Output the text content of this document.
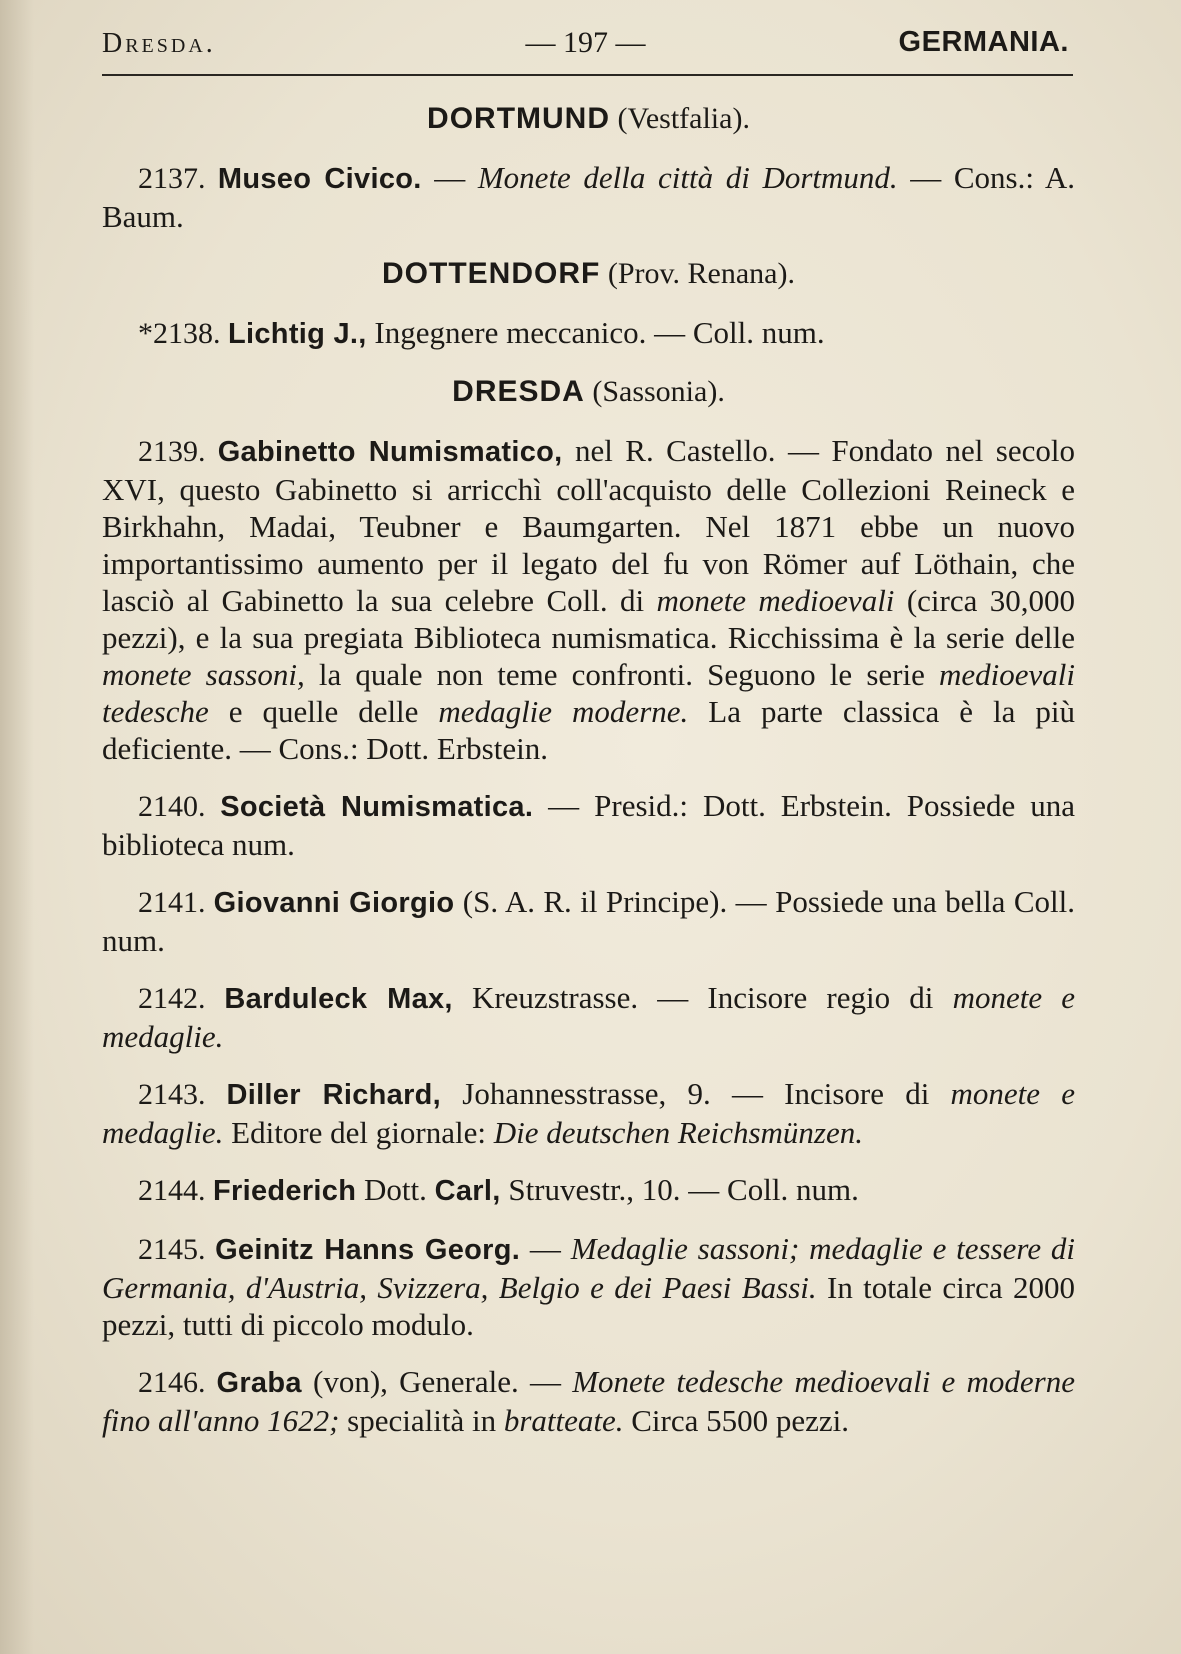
Dresda.	— 197 —	GERMANIA.
DORTMUND (Vestfalia).
2137. Museo Civico. — Monete della città di Dortmund. — Cons.: A. Baum.
DOTTENDORF (Prov. Renana).
*2138. Lichtig J., Ingegnere meccanico. — Coll. num.
DRESDA (Sassonia).
2139. Gabinetto Numismatico, nel R. Castello. — Fondato nel secolo XVI, questo Gabinetto si arricchì coll'acquisto delle Collezioni Reineck e Birkhahn, Madai, Teubner e Baumgarten. Nel 1871 ebbe un nuovo importantissimo aumento per il legato del fu von Römer auf Löthain, che lasciò al Gabinetto la sua celebre Coll. di monete medioevali (circa 30,000 pezzi), e la sua pregiata Biblioteca numismatica. Ricchissima è la serie delle monete sassoni, la quale non teme confronti. Seguono le serie medioevali tedesche e quelle delle medaglie moderne. La parte classica è la più deficiente. — Cons.: Dott. Erbstein.
2140. Società Numismatica. — Presid.: Dott. Erbstein. Possiede una biblioteca num.
2141. Giovanni Giorgio (S. A. R. il Principe). — Possiede una bella Coll. num.
2142. Barduleck Max, Kreuzstrasse. — Incisore regio di monete e medaglie.
2143. Diller Richard, Johannesstrasse, 9. — Incisore di monete e medaglie. Editore del giornale: Die deutschen Reichsmünzen.
2144. Friederich Dott. Carl, Struvestr., 10. — Coll. num.
2145. Geinitz Hanns Georg. — Medaglie sassoni; medaglie e tessere di Germania, d'Austria, Svizzera, Belgio e dei Paesi Bassi. In totale circa 2000 pezzi, tutti di piccolo modulo.
2146. Graba (von), Generale. — Monete tedesche medioevali e moderne fino all'anno 1622; specialità in bratteate. Circa 5500 pezzi.
